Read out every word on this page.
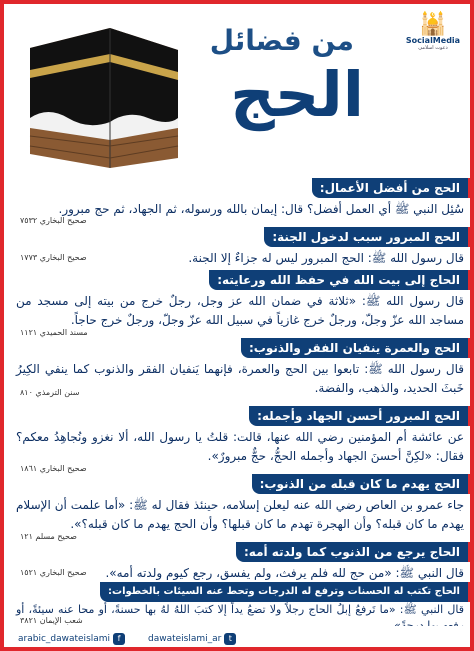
من فضائل
الحج
🕌
SocialMedia
دعوت اسلامی
الحج من أفضل الأعمال:
سُئِل النبي ﷺ أي العمل أفضل؟ قال: إيمان بالله ورسوله، ثم الجهاد، ثم حج مبرور.
صحيح البخاري ٧٥٣٢
الحج المبرور سبب لدخول الجنة:
قال رسول الله ﷺ: الحج المبرور ليس له جزاءٌ إلا الجنة.
صحيح البخاري ١٧٧٣
الحاج إلى بيت الله في حفظ الله ورعايته:
قال رسول الله ﷺ: «ثلاثة في ضمان الله عز وجل، رجلٌ خرج من بيته إلى مسجد من مساجد الله عزّ وجلّ، ورجلٌ خرج غازياً في سبيل الله عزّ وجلّ، ورجلٌ خرج حاجاً.
مسند الحميدي ١١٢١
الحج والعمرة ينفيان الفقر والذنوب:
قال رسول الله ﷺ: تابعوا بين الحج والعمرة، فإنهما يَنفيان الفقر والذنوب كما ينفي الكِيرُ خَبثَ الحديد، والذهب، والفضة.
سنن الترمذي ٨١٠
الحج المبرور أحسن الجهاد وأجمله:
عن عائشة أم المؤمنين رضي الله عنها، قالت: قلتُ يا رسول الله، ألا نغزو ونُجاهِدُ معكم؟ فقال: «لكِنَّ أحسنَ الجهاد وأجمله الحجُّ، حجٌّ مبرورٌ».
صحيح البخاري ١٨٦١
الحج يهدم ما كان قبله من الذنوب:
جاء عمرو بن العاص رضي الله عنه ليعلن إسلامه، حينئذ فقال له ﷺ: «أما علمت أن الإسلام يهدم ما كان قبله؟ وأن الهجرة تهدم ما كان قبلها؟ وأن الحج يهدم ما كان قبله؟».
صحيح مسلم ١٢١
الحاج يرجع من الذنوب كما ولدته أمه:
قال النبي ﷺ: «من حج لله فلم يرفث، ولم يفسق، رجع كيوم ولدته أمه».
صحيح البخاري ١٥٢١
الحاج تكتب له الحسنات وترفع له الدرجات وتحط عنه السيئات بالخطوات:
قال النبي ﷺ: «ما تَرفعُ إبلُ الحاج رجلاً ولا تضعُ يداً إلا كتبَ اللهُ لهُ بها حسنةً، أو محا عنه سيئةً، أو
شعب الإيمان ٣٨٢١
f
arabic_dawateislami	t
dawateislami_ar
